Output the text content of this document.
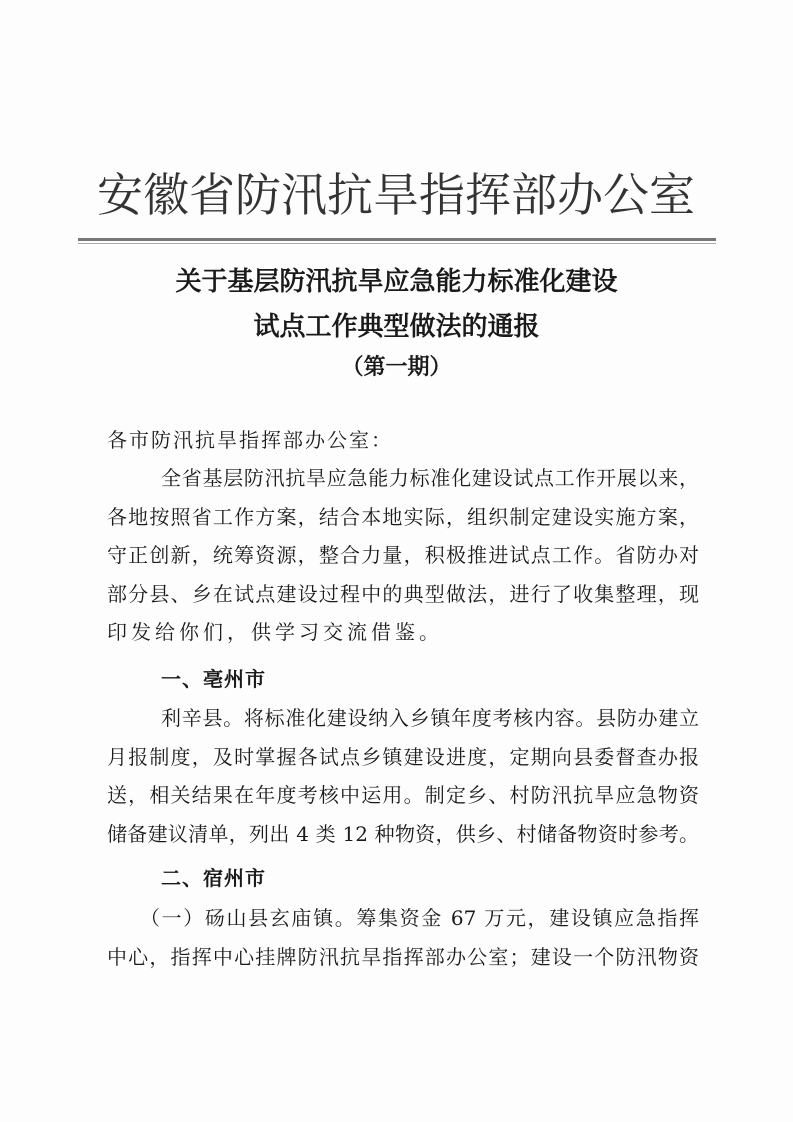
安徽省防汛抗旱指挥部办公室
关于基层防汛抗旱应急能力标准化建设
试点工作典型做法的通报
（第一期）
各市防汛抗旱指挥部办公室：
全省基层防汛抗旱应急能力标准化建设试点工作开展以来，
各地按照省工作方案，结合本地实际，组织制定建设实施方案，
守正创新，统筹资源，整合力量，积极推进试点工作。省防办对
部分县、乡在试点建设过程中的典型做法，进行了收集整理，现
印发给你们，供学习交流借鉴。
一、亳州市
利辛县。将标准化建设纳入乡镇年度考核内容。县防办建立
月报制度，及时掌握各试点乡镇建设进度，定期向县委督查办报
送，相关结果在年度考核中运用。制定乡、村防汛抗旱应急物资
储备建议清单，列出 4 类 12 种物资，供乡、村储备物资时参考。
二、宿州市
（一）砀山县玄庙镇。筹集资金 67 万元，建设镇应急指挥
中心，指挥中心挂牌防汛抗旱指挥部办公室；建设一个防汛物资
